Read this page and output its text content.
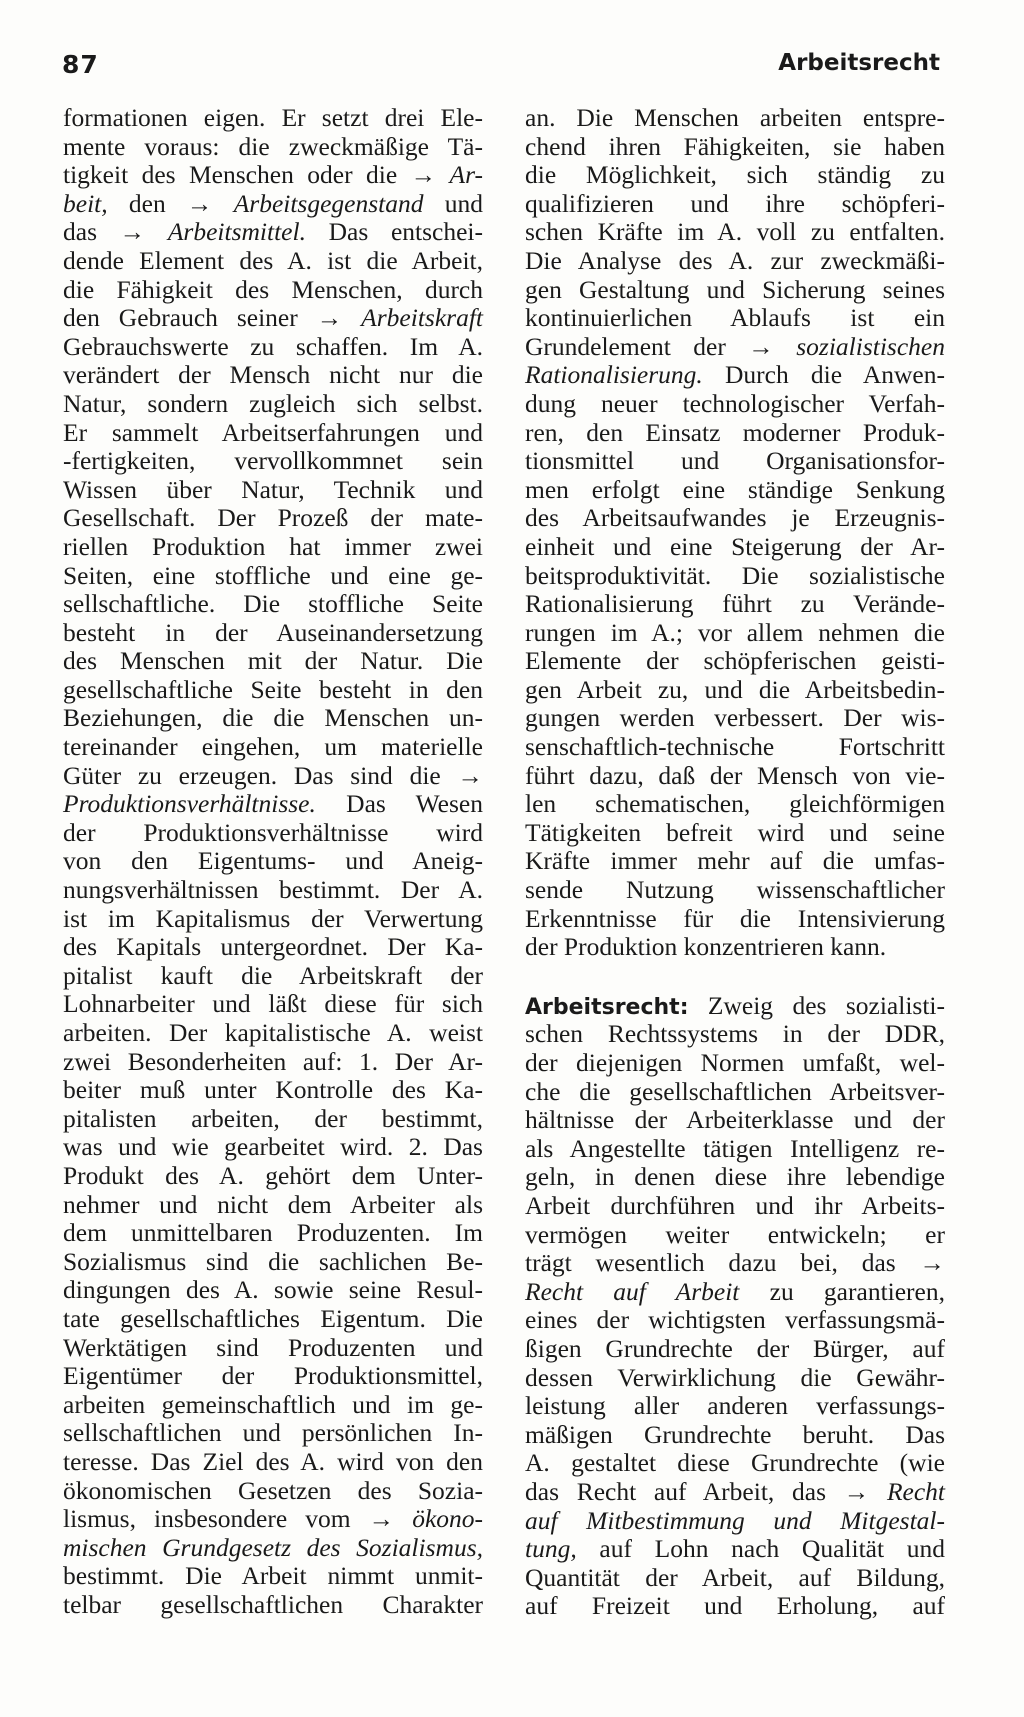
87	Arbeitsrecht
formationen eigen. Er setzt drei Ele-
mente voraus: die zweckmäßige Tä-
tigkeit des Menschen oder die → Ar-
beit, den → Arbeitsgegenstand und
das → Arbeitsmittel. Das entschei-
dende Element des A. ist die Arbeit,
die Fähigkeit des Menschen, durch
den Gebrauch seiner → Arbeitskraft
Gebrauchswerte zu schaffen. Im A.
verändert der Mensch nicht nur die
Natur, sondern zugleich sich selbst.
Er sammelt Arbeitserfahrungen und
-fertigkeiten, vervollkommnet sein
Wissen über Natur, Technik und
Gesellschaft. Der Prozeß der mate-
riellen Produktion hat immer zwei
Seiten, eine stoffliche und eine ge-
sellschaftliche. Die stoffliche Seite
besteht in der Auseinandersetzung
des Menschen mit der Natur. Die
gesellschaftliche Seite besteht in den
Beziehungen, die die Menschen un-
tereinander eingehen, um materielle
Güter zu erzeugen. Das sind die →
Produktionsverhältnisse. Das Wesen
der Produktionsverhältnisse wird
von den Eigentums- und Aneig-
nungsverhältnissen bestimmt. Der A.
ist im Kapitalismus der Verwertung
des Kapitals untergeordnet. Der Ka-
pitalist kauft die Arbeitskraft der
Lohnarbeiter und läßt diese für sich
arbeiten. Der kapitalistische A. weist
zwei Besonderheiten auf: 1. Der Ar-
beiter muß unter Kontrolle des Ka-
pitalisten arbeiten, der bestimmt,
was und wie gearbeitet wird. 2. Das
Produkt des A. gehört dem Unter-
nehmer und nicht dem Arbeiter als
dem unmittelbaren Produzenten. Im
Sozialismus sind die sachlichen Be-
dingungen des A. sowie seine Resul-
tate gesellschaftliches Eigentum. Die
Werktätigen sind Produzenten und
Eigentümer der Produktionsmittel,
arbeiten gemeinschaftlich und im ge-
sellschaftlichen und persönlichen In-
teresse. Das Ziel des A. wird von den
ökonomischen Gesetzen des Sozia-
lismus, insbesondere vom → ökono-
mischen Grundgesetz des Sozialismus,
bestimmt. Die Arbeit nimmt unmit-
telbar gesellschaftlichen Charakter
an. Die Menschen arbeiten entspre-
chend ihren Fähigkeiten, sie haben
die Möglichkeit, sich ständig zu
qualifizieren und ihre schöpferi-
schen Kräfte im A. voll zu entfalten.
Die Analyse des A. zur zweckmäßi-
gen Gestaltung und Sicherung seines
kontinuierlichen Ablaufs ist ein
Grundelement der → sozialistischen
Rationalisierung. Durch die Anwen-
dung neuer technologischer Verfah-
ren, den Einsatz moderner Produk-
tionsmittel und Organisationsfor-
men erfolgt eine ständige Senkung
des Arbeitsaufwandes je Erzeugnis-
einheit und eine Steigerung der Ar-
beitsproduktivität. Die sozialistische
Rationalisierung führt zu Verände-
rungen im A.; vor allem nehmen die
Elemente der schöpferischen geisti-
gen Arbeit zu, und die Arbeitsbedin-
gungen werden verbessert. Der wis-
senschaftlich-technische Fortschritt
führt dazu, daß der Mensch von vie-
len schematischen, gleichförmigen
Tätigkeiten befreit wird und seine
Kräfte immer mehr auf die umfas-
sende Nutzung wissenschaftlicher
Erkenntnisse für die Intensivierung
der Produktion konzentrieren kann.
Arbeitsrecht: Zweig des sozialisti-
schen Rechtssystems in der DDR,
der diejenigen Normen umfaßt, wel-
che die gesellschaftlichen Arbeitsver-
hältnisse der Arbeiterklasse und der
als Angestellte tätigen Intelligenz re-
geln, in denen diese ihre lebendige
Arbeit durchführen und ihr Arbeits-
vermögen weiter entwickeln; er
trägt wesentlich dazu bei, das →
Recht auf Arbeit zu garantieren,
eines der wichtigsten verfassungsmä-
ßigen Grundrechte der Bürger, auf
dessen Verwirklichung die Gewähr-
leistung aller anderen verfassungs-
mäßigen Grundrechte beruht. Das
A. gestaltet diese Grundrechte (wie
das Recht auf Arbeit, das → Recht
auf Mitbestimmung und Mitgestal-
tung, auf Lohn nach Qualität und
Quantität der Arbeit, auf Bildung,
auf Freizeit und Erholung, auf
